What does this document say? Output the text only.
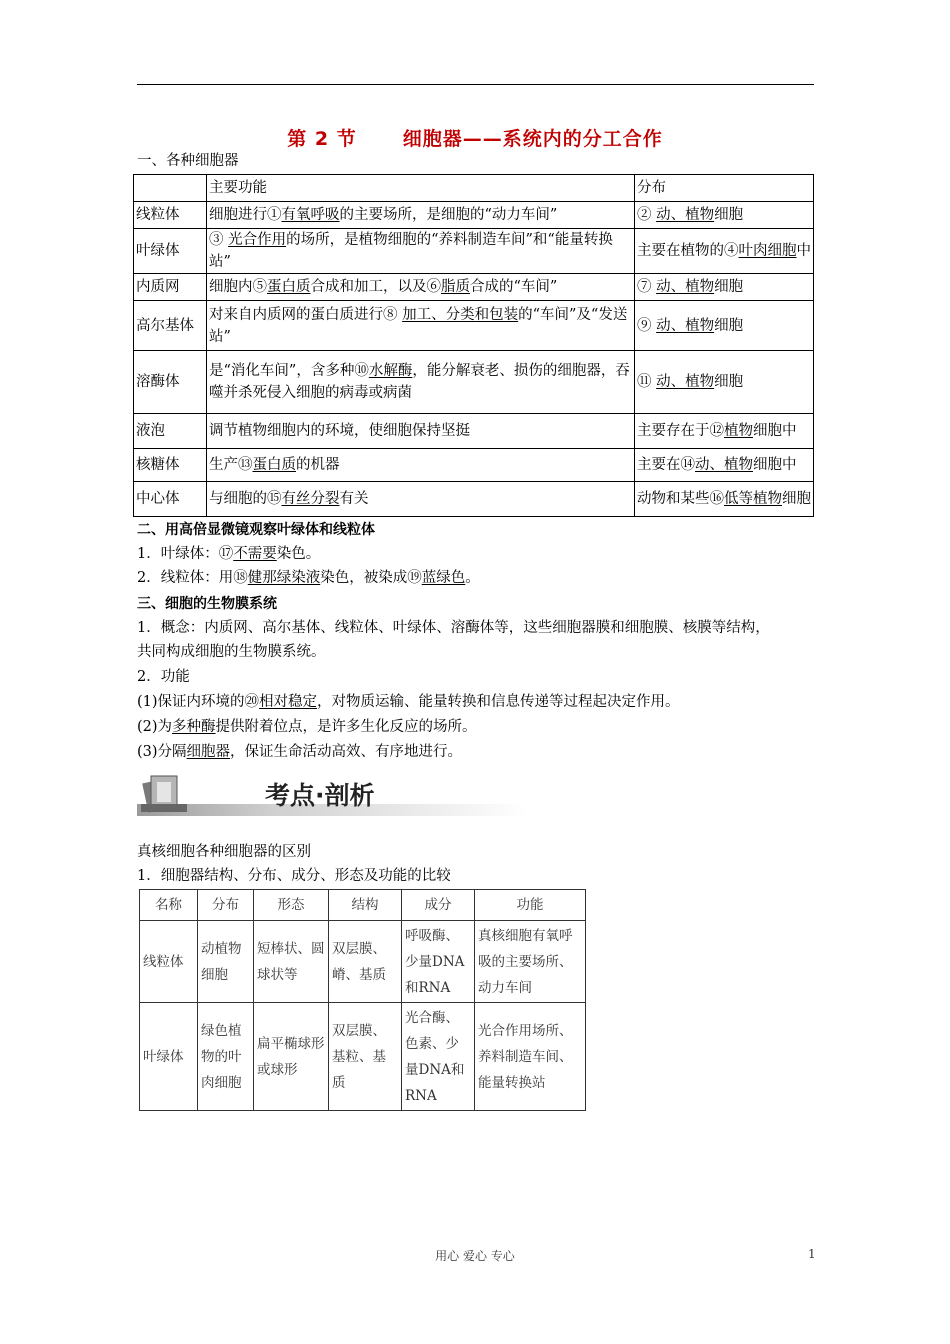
第 2 节 细胞器——系统内的分工合作
一、各种细胞器
	主要功能	分布
线粒体	细胞进行①有氧呼吸的主要场所，是细胞的“动力车间”	② 动、植物细胞
叶绿体	③ 光合作用的场所，是植物细胞的“养料制造车间”和“能量转换站”	主要在植物的④叶肉细胞中
内质网	细胞内⑤蛋白质合成和加工，以及⑥脂质合成的“车间”	⑦ 动、植物细胞
高尔基体	对来自内质网的蛋白质进行⑧ 加工、分类和包装的“车间”及“发送站”	⑨ 动、植物细胞
溶酶体	是“消化车间”，含多种⑩水解酶，能分解衰老、损伤的细胞器，吞噬并杀死侵入细胞的病毒或病菌	⑪ 动、植物细胞
液泡	调节植物细胞内的环境，使细胞保持坚挺	主要存在于⑫植物细胞中
核糖体	生产⑬蛋白质的机器	主要在⑭动、植物细胞中
中心体	与细胞的⑮有丝分裂有关	动物和某些⑯低等植物细胞
二、用高倍显微镜观察叶绿体和线粒体
1．叶绿体：⑰不需要染色。
2．线粒体：用⑱健那绿染液染色，被染成⑲蓝绿色。
三、细胞的生物膜系统
1．概念：内质网、高尔基体、线粒体、叶绿体、溶酶体等，这些细胞器膜和细胞膜、核膜等结构，
共同构成细胞的生物膜系统。
2．功能
(1)保证内环境的⑳相对稳定，对物质运输、能量转换和信息传递等过程起决定作用。
(2)为多种酶提供附着位点，是许多生化反应的场所。
(3)分隔细胞器，保证生命活动高效、有序地进行。
考点·剖析
真核细胞各种细胞器的区别
1．细胞器结构、分布、成分、形态及功能的比较
名称	分布	形态	结构	成分	功能
线粒体	动植物细胞	短棒状、圆球状等	双层膜、嵴、基质	呼吸酶、少量DNA和RNA	真核细胞有氧呼吸的主要场所、动力车间
叶绿体	绿色植物的叶肉细胞	扁平椭球形或球形	双层膜、基粒、基质	光合酶、色素、少量DNA和RNA	光合作用场所、养料制造车间、能量转换站
用心 爱心 专心	1
